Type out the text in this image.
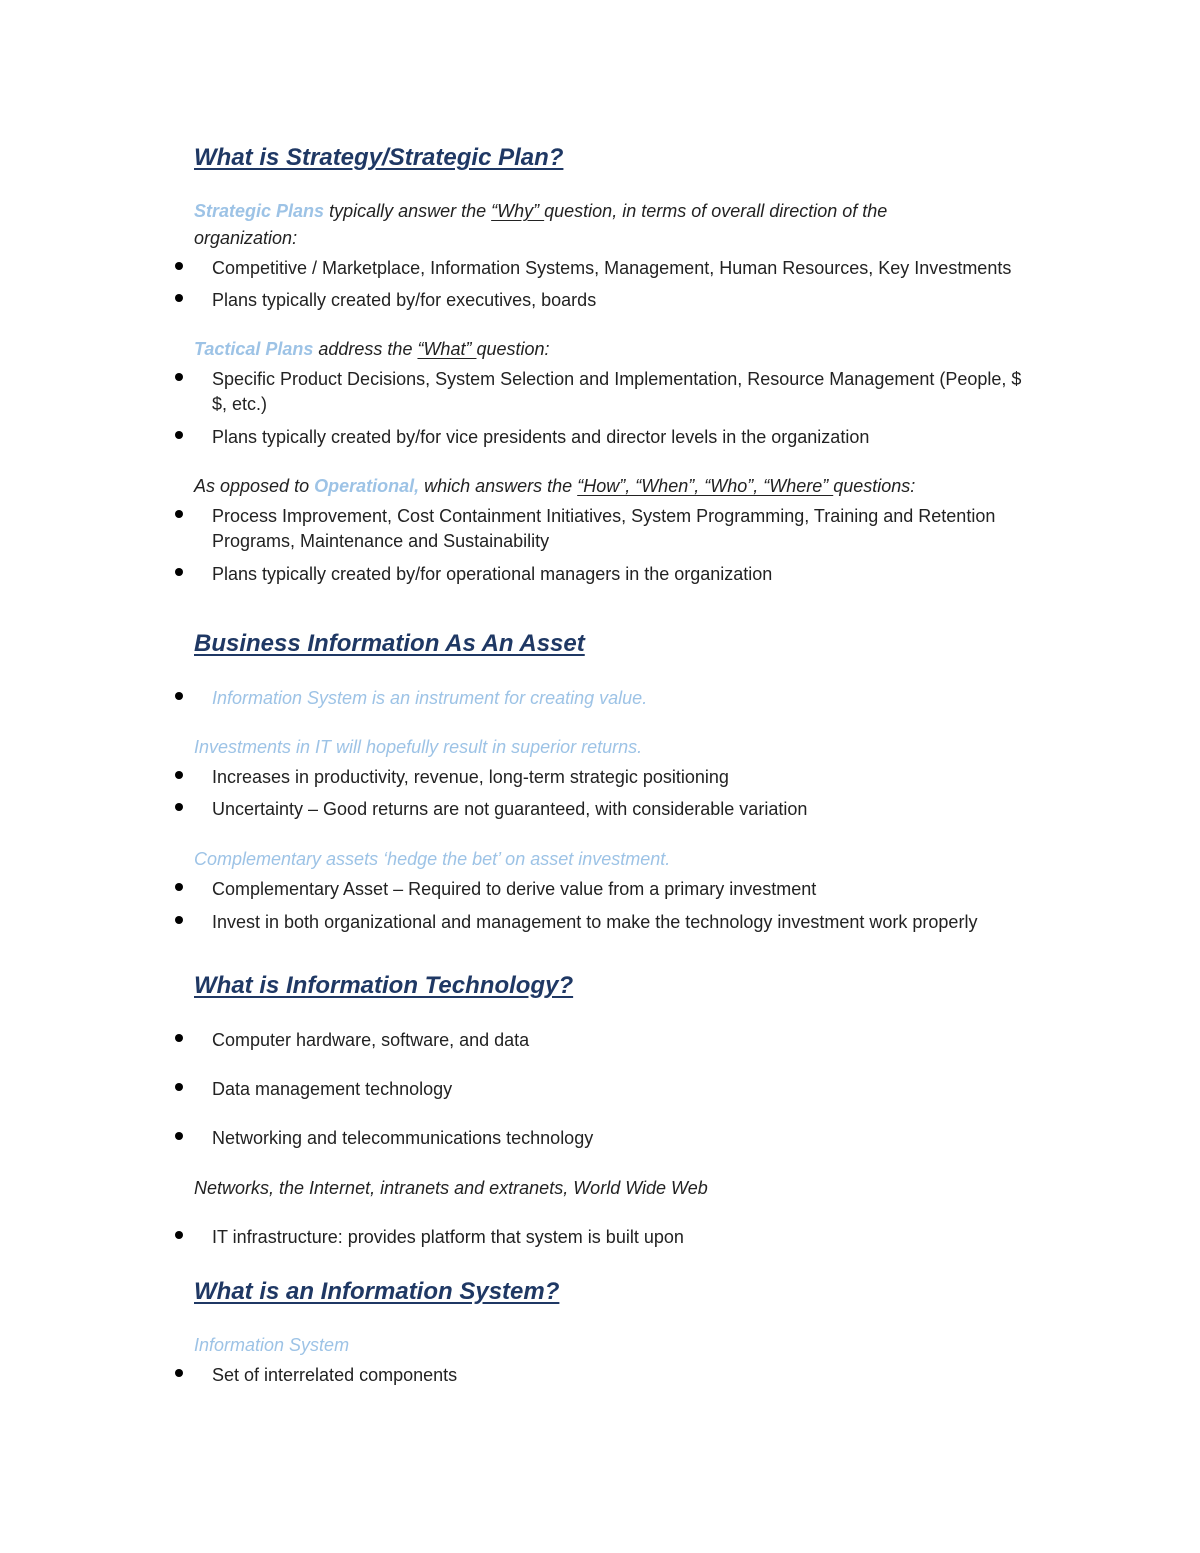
What is Strategy/Strategic Plan?

Strategic Plans typically answer the “Why” question, in terms of overall direction of the

organization:

Competitive / Marketplace, Information Systems, Management, Human Resources, Key Investments

Plans typically created by/for executives, boards

Tactical Plans address the “What” question:

Specific Product Decisions, System Selection and Implementation, Resource Management (People, $

$, etc.)

Plans typically created by/for vice presidents and director levels in the organization

As opposed to Operational, which answers the “How”, “When”, “Who”, “Where” questions:

Process Improvement, Cost Containment Initiatives, System Programming, Training and Retention

Programs, Maintenance and Sustainability

Plans typically created by/for operational managers in the organization

Business Information As An Asset

Information System is an instrument for creating value.

Investments in IT will hopefully result in superior returns.

Increases in productivity, revenue, long-term strategic positioning

Uncertainty – Good returns are not guaranteed, with considerable variation

Complementary assets ‘hedge the bet’ on asset investment.

Complementary Asset – Required to derive value from a primary investment

Invest in both organizational and management to make the technology investment work properly

What is Information Technology?

Computer hardware, software, and data

Data management technology

Networking and telecommunications technology

Networks, the Internet, intranets and extranets, World Wide Web

IT infrastructure: provides platform that system is built upon

What is an Information System?

Information System

Set of interrelated components
